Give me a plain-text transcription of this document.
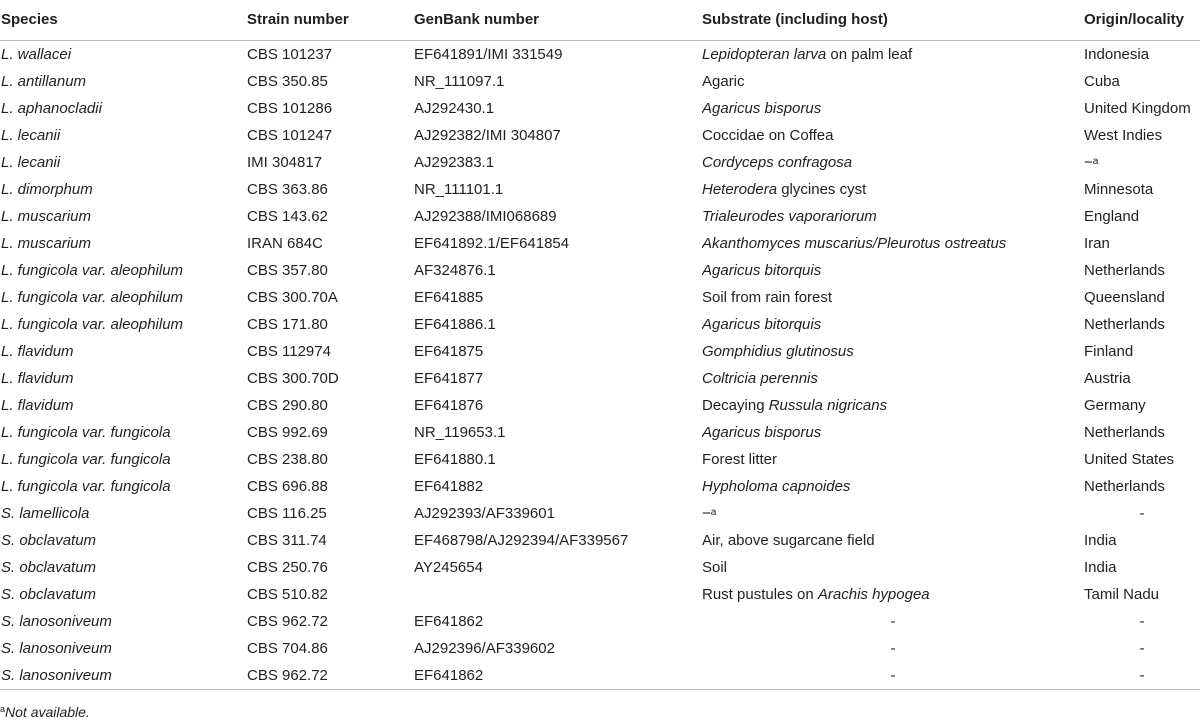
Species	Strain number	GenBank number	Substrate (including host)	Origin/locality
L. wallacei	CBS 101237	EF641891/IMI 331549	Lepidopteran larva on palm leaf	Indonesia
L. antillanum	CBS 350.85	NR_111097.1	Agaric	Cuba
L. aphanocladii	CBS 101286	AJ292430.1	Agaricus bisporus	United Kingdom
L. lecanii	CBS 101247	AJ292382/IMI 304807	Coccidae on Coffea	West Indies
L. lecanii	IMI 304817	AJ292383.1	Cordyceps confragosa	−$^a$
L. dimorphum	CBS 363.86	NR_111101.1	Heterodera glycines cyst	Minnesota
L. muscarium	CBS 143.62	AJ292388/IMI068689	Trialeurodes vaporariorum	England
L. muscarium	IRAN 684C	EF641892.1/EF641854	Akanthomyces muscarius/Pleurotus ostreatus	Iran
L. fungicola var. aleophilum	CBS 357.80	AF324876.1	Agaricus bitorquis	Netherlands
L. fungicola var. aleophilum	CBS 300.70A	EF641885	Soil from rain forest	Queensland
L. fungicola var. aleophilum	CBS 171.80	EF641886.1	Agaricus bitorquis	Netherlands
L. flavidum	CBS 112974	EF641875	Gomphidius glutinosus	Finland
L. flavidum	CBS 300.70D	EF641877	Coltricia perennis	Austria
L. flavidum	CBS 290.80	EF641876	Decaying Russula nigricans	Germany
L. fungicola var. fungicola	CBS 992.69	NR_119653.1	Agaricus bisporus	Netherlands
L. fungicola var. fungicola	CBS 238.80	EF641880.1	Forest litter	United States
L. fungicola var. fungicola	CBS 696.88	EF641882	Hypholoma capnoides	Netherlands
S. lamellicola	CBS 116.25	AJ292393/AF339601	−$^a$	-
S. obclavatum	CBS 311.74	EF468798/AJ292394/AF339567	Air, above sugarcane field	India
S. obclavatum	CBS 250.76	AY245654	Soil	India
S. obclavatum	CBS 510.82		Rust pustules on Arachis hypogea	Tamil Nadu
S. lanosoniveum	CBS 962.72	EF641862	-	-
S. lanosoniveum	CBS 704.86	AJ292396/AF339602	-	-
S. lanosoniveum	CBS 962.72	EF641862	-	-
$^a$Not available.
